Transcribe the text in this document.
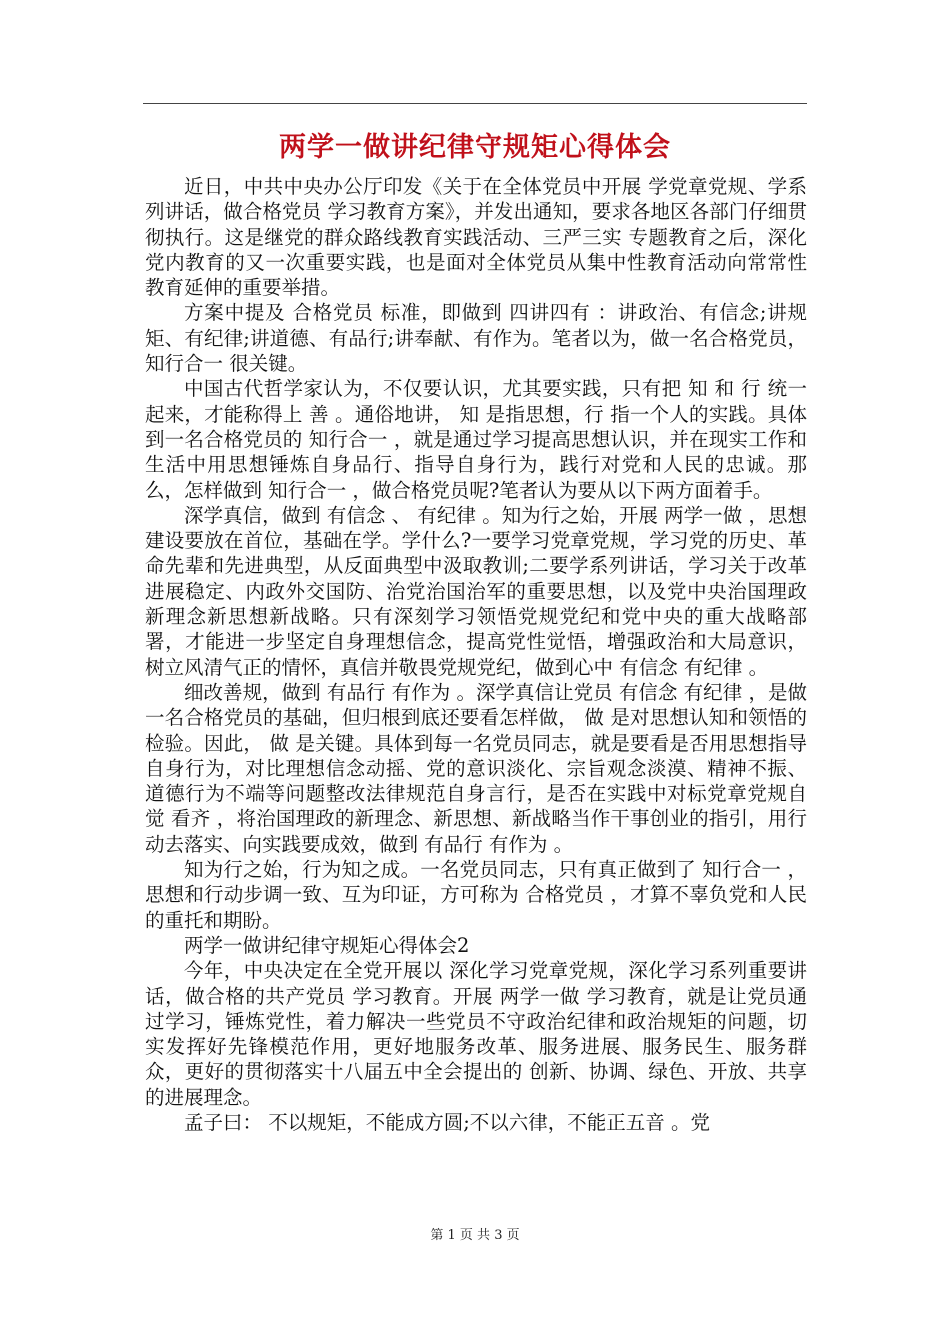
两学一做讲纪律守规矩心得体会

近日，中共中央办公厅印发《关于在全体党员中开展 学党章党规、学系列讲话，做合格党员 学习教育方案》，并发出通知，要求各地区各部门仔细贯彻执行。这是继党的群众路线教育实践活动、三严三实 专题教育之后，深化党内教育的又一次重要实践，也是面对全体党员从集中性教育活动向常常性教育延伸的重要举措。

方案中提及 合格党员 标准，即做到 四讲四有 ：讲政治、有信念;讲规矩、有纪律;讲道德、有品行;讲奉献、有作为。笔者以为，做一名合格党员， 知行合一 很关键。

中国古代哲学家认为，不仅要认识，尤其要实践，只有把 知 和 行 统一起来，才能称得上 善 。通俗地讲， 知 是指思想，行 指一个人的实践。具体到一名合格党员的 知行合一 ，就是通过学习提高思想认识，并在现实工作和生活中用思想锤炼自身品行、指导自身行为，践行对党和人民的忠诚。那么，怎样做到 知行合一 ，做合格党员呢?笔者认为要从以下两方面着手。

深学真信，做到 有信念 、 有纪律 。知为行之始，开展 两学一做 ，思想建设要放在首位，基础在学。学什么?一要学习党章党规，学习党的历史、革命先辈和先进典型，从反面典型中汲取教训;二要学系列讲话，学习关于改革进展稳定、内政外交国防、治党治国治军的重要思想，以及党中央治国理政新理念新思想新战略。只有深刻学习领悟党规党纪和党中央的重大战略部署，才能进一步坚定自身理想信念，提高党性觉悟，增强政治和大局意识，树立风清气正的情怀，真信并敬畏党规党纪，做到心中 有信念 有纪律 。

细改善规，做到 有品行 有作为 。深学真信让党员 有信念 有纪律 ，是做一名合格党员的基础，但归根到底还要看怎样做， 做 是对思想认知和领悟的检验。因此， 做 是关键。具体到每一名党员同志，就是要看是否用思想指导自身行为，对比理想信念动摇、党的意识淡化、宗旨观念淡漠、精神不振、道德行为不端等问题整改法律规范自身言行，是否在实践中对标党章党规自觉 看齐 ，将治国理政的新理念、新思想、新战略当作干事创业的指引，用行动去落实、向实践要成效，做到 有品行 有作为 。

知为行之始，行为知之成。一名党员同志，只有真正做到了 知行合一 ，思想和行动步调一致、互为印证，方可称为 合格党员 ，才算不辜负党和人民的重托和期盼。

两学一做讲纪律守规矩心得体会2

今年，中央决定在全党开展以 深化学习党章党规，深化学习系列重要讲话，做合格的共产党员 学习教育。开展 两学一做 学习教育，就是让党员通过学习，锤炼党性，着力解决一些党员不守政治纪律和政治规矩的问题，切实发挥好先锋模范作用，更好地服务改革、服务进展、服务民生、服务群众，更好的贯彻落实十八届五中全会提出的 创新、协调、绿色、开放、共享 的进展理念。

孟子曰： 不以规矩，不能成方圆;不以六律，不能正五音 。党

第 1 页 共 3 页
